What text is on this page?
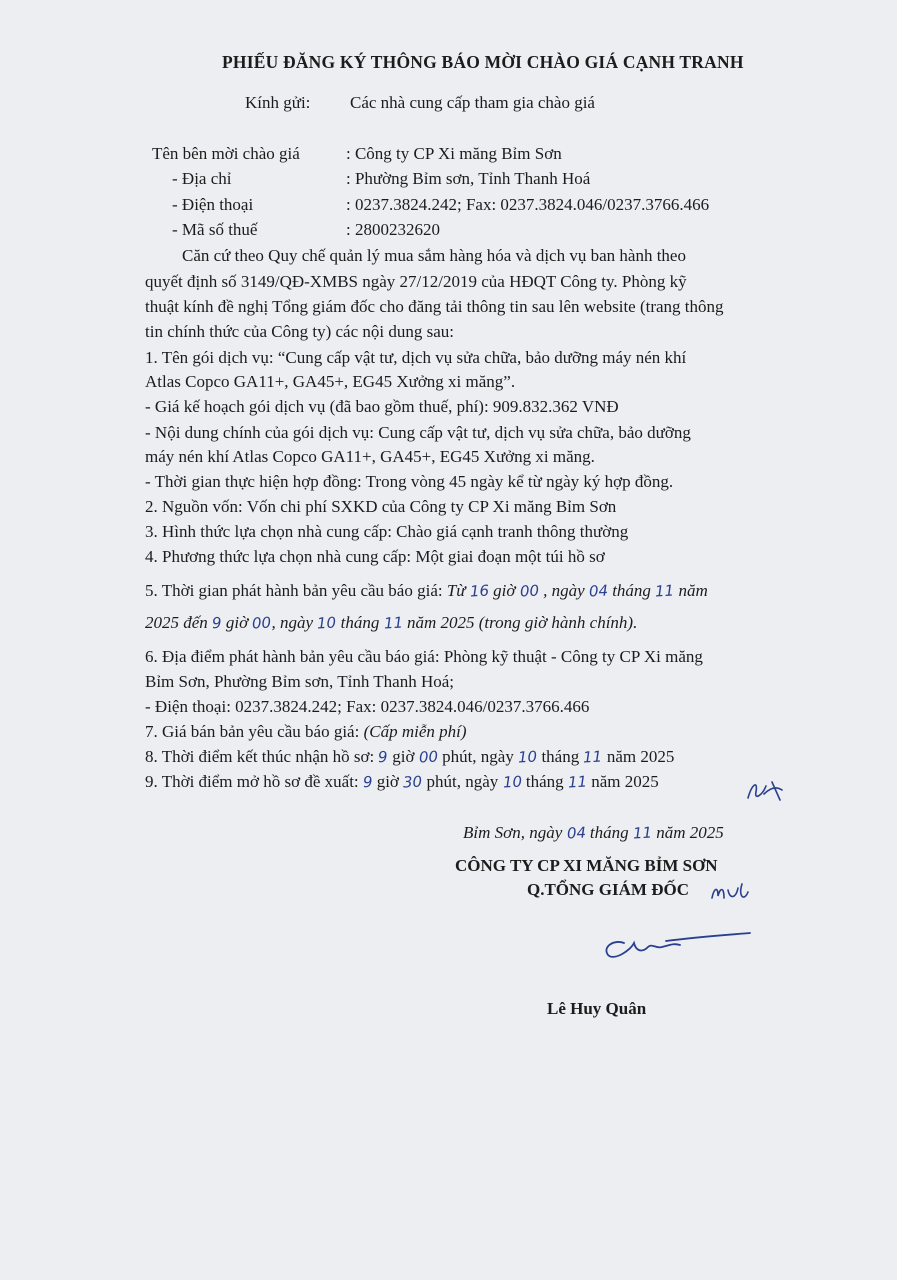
PHIẾU ĐĂNG KÝ THÔNG BÁO MỜI CHÀO GIÁ CẠNH TRANH
Kính gửi: Các nhà cung cấp tham gia chào giá
Tên bên mời chào giá	: Công ty CP Xi măng Bỉm Sơn
- Địa chỉ	: Phường Bỉm sơn, Tỉnh Thanh Hoá
- Điện thoại	: 0237.3824.242; Fax: 0237.3824.046/0237.3766.466
- Mã số thuế	: 2800232620
Căn cứ theo Quy chế quản lý mua sắm hàng hóa và dịch vụ ban hành theo
quyết định số 3149/QĐ-XMBS ngày 27/12/2019 của HĐQT Công ty. Phòng kỹ
thuật kính đề nghị Tổng giám đốc cho đăng tải thông tin sau lên website (trang thông
tin chính thức của Công ty) các nội dung sau:
1. Tên gói dịch vụ: “Cung cấp vật tư, dịch vụ sửa chữa, bảo dưỡng máy nén khí
Atlas Copco GA11+, GA45+, EG45 Xưởng xi măng”.
- Giá kế hoạch gói dịch vụ (đã bao gồm thuế, phí): 909.832.362 VNĐ
- Nội dung chính của gói dịch vụ: Cung cấp vật tư, dịch vụ sửa chữa, bảo dưỡng
máy nén khí Atlas Copco GA11+, GA45+, EG45 Xưởng xi măng.
- Thời gian thực hiện hợp đồng: Trong vòng 45 ngày kể từ ngày ký hợp đồng.
2. Nguồn vốn: Vốn chi phí SXKD của Công ty CP Xi măng Bỉm Sơn
3. Hình thức lựa chọn nhà cung cấp: Chào giá cạnh tranh thông thường
4. Phương thức lựa chọn nhà cung cấp: Một giai đoạn một túi hồ sơ
5. Thời gian phát hành bản yêu cầu báo giá: Từ 16 giờ 00 , ngày 04 tháng 11 năm
2025 đến 9 giờ 00, ngày 10 tháng 11 năm 2025 (trong giờ hành chính).
6. Địa điểm phát hành bản yêu cầu báo giá: Phòng kỹ thuật - Công ty CP Xi măng
Bỉm Sơn, Phường Bỉm sơn, Tỉnh Thanh Hoá;
- Điện thoại: 0237.3824.242; Fax: 0237.3824.046/0237.3766.466
7. Giá bán bản yêu cầu báo giá: (Cấp miễn phí)
8. Thời điểm kết thúc nhận hồ sơ: 9 giờ 00 phút, ngày 10 tháng 11 năm 2025
9. Thời điểm mở hồ sơ đề xuất: 9 giờ 30 phút, ngày 10 tháng 11 năm 2025
Bỉm Sơn, ngày 04 tháng 11 năm 2025
CÔNG TY CP XI MĂNG BỈM SƠN
Q.TỔNG GIÁM ĐỐC
Lê Huy Quân
